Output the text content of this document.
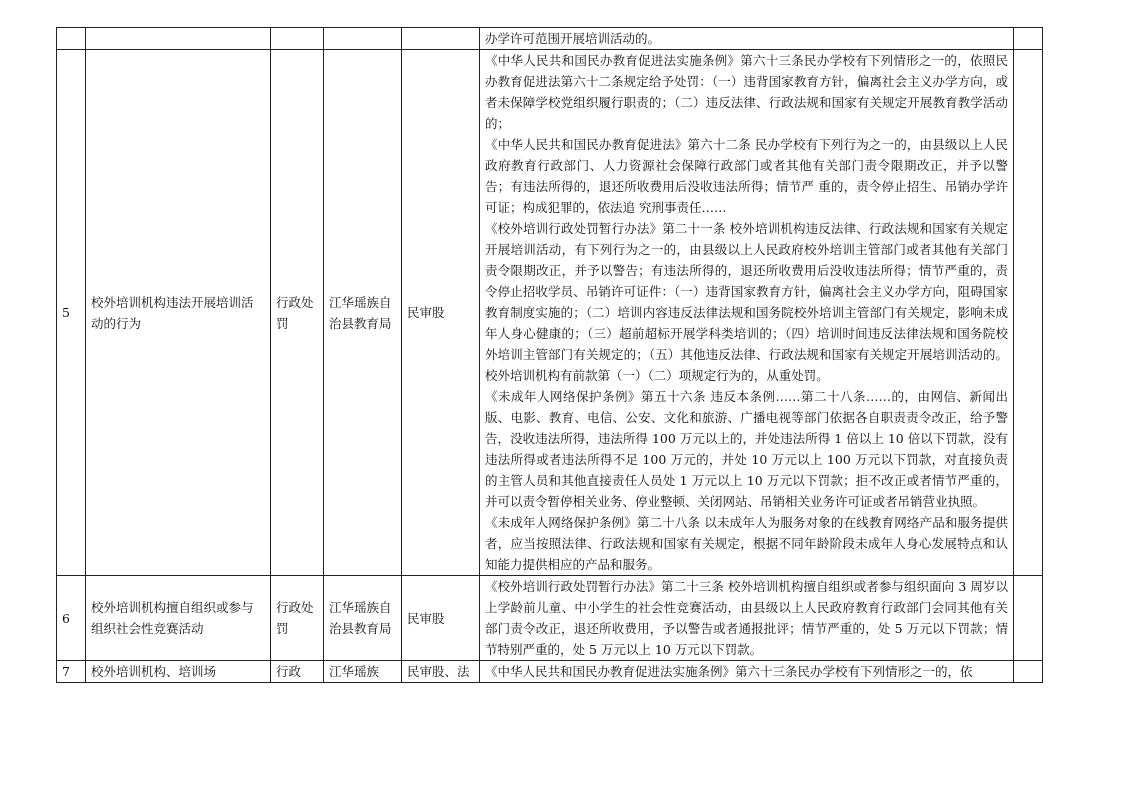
					办学许可范围开展培训活动的。	

5	校外培训机构违法开展培训活动的行为	行政处罚	江华瑶族自治县教育局	民审股	《中华人民共和国民办教育促进法实施条例》第六十三条民办学校有下列情形之一的，依照民办教育促进法第六十二条规定给予处罚：（一）违背国家教育方针，偏离社会主义办学方向，或者未保障学校党组织履行职责的；（二）违反法律、行政法规和国家有关规定开展教育教学活动的；

《中华人民共和国民办教育促进法》第六十二条 民办学校有下列行为之一的，由县级以上人民政府教育行政部门、人力资源社会保障行政部门或者其他有关部门责令限期改正，并予以警告；有违法所得的，退还所收费用后没收违法所得；情节严 重的，责令停止招生、吊销办学许可证；构成犯罪的，依法追 究刑事责任……

《校外培训行政处罚暂行办法》第二十一条 校外培训机构违反法律、行政法规和国家有关规定开展培训活动，有下列行为之一的，由县级以上人民政府校外培训主管部门或者其他有关部门责令限期改正，并予以警告；有违法所得的，退还所收费用后没收违法所得；情节严重的，责令停止招收学员、吊销许可证件：（一）违背国家教育方针，偏离社会主义办学方向，阻碍国家教育制度实施的；（二）培训内容违反法律法规和国务院校外培训主管部门有关规定，影响未成年人身心健康的；（三）超前超标开展学科类培训的；（四）培训时间违反法律法规和国务院校外培训主管部门有关规定的；（五）其他违反法律、行政法规和国家有关规定开展培训活动的。校外培训机构有前款第（一）（二）项规定行为的，从重处罚。

《未成年人网络保护条例》第五十六条 违反本条例……第二十八条……的，由网信、新闻出版、电影、教育、电信、公安、文化和旅游、广播电视等部门依据各自职责责令改正，给予警告，没收违法所得，违法所得 100 万元以上的，并处违法所得 1 倍以上 10 倍以下罚款，没有违法所得或者违法所得不足 100 万元的，并处 10 万元以上 100 万元以下罚款，对直接负责的主管人员和其他直接责任人员处 1 万元以上 10 万元以下罚款；拒不改正或者情节严重的，并可以责令暂停相关业务、停业整顿、关闭网站、吊销相关业务许可证或者吊销营业执照。

《未成年人网络保护条例》第二十八条 以未成年人为服务对象的在线教育网络产品和服务提供者，应当按照法律、行政法规和国家有关规定，根据不同年龄阶段未成年人身心发展特点和认知能力提供相应的产品和服务。	

6	校外培训机构擅自组织或参与组织社会性竞赛活动	行政处罚	江华瑶族自治县教育局	民审股	《校外培训行政处罚暂行办法》第二十三条 校外培训机构擅自组织或者参与组织面向 3 周岁以上学龄前儿童、中小学生的社会性竞赛活动，由县级以上人民政府教育行政部门会同其他有关部门责令改正，退还所收费用，予以警告或者通报批评；情节严重的，处 5 万元以下罚款；情节特别严重的，处 5 万元以上 10 万元以下罚款。	

7	校外培训机构、培训场	行政	江华瑶族	民审股、法	《中华人民共和国民办教育促进法实施条例》第六十三条民办学校有下列情形之一的，依	
